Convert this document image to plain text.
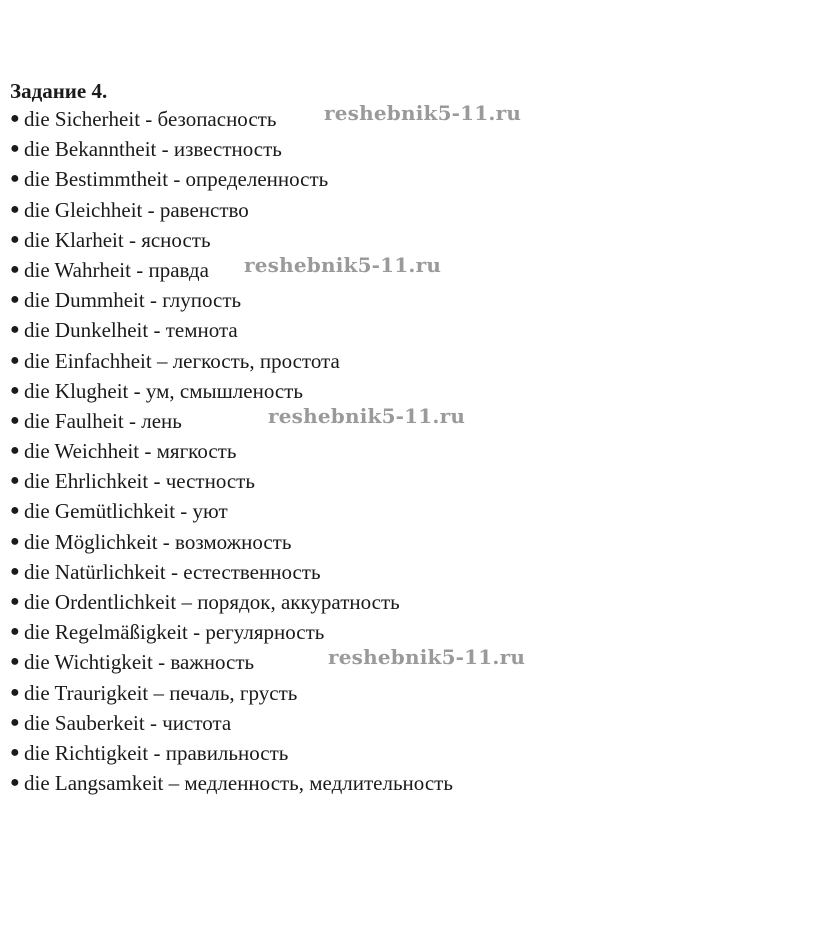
Задание 4.
● die Sicherheit - безопасность
● die Bekanntheit - известность
● die Bestimmtheit - определенность
● die Gleichheit - равенство
● die Klarheit - ясность
● die Wahrheit - правда
● die Dummheit - глупость
● die Dunkelheit - темнота
● die Einfachheit – легкость, простота
● die Klugheit - ум, смышленость
● die Faulheit - лень
● die Weichheit - мягкость
● die Ehrlichkeit - честность
● die Gemütlichkeit - уют
● die Möglichkeit - возможность
● die Natürlichkeit - естественность
● die Ordentlichkeit – порядок, аккуратность
● die Regelmäßigkeit - регулярность
● die Wichtigkeit - важность
● die Traurigkeit – печаль, грусть
● die Sauberkeit - чистота
● die Richtigkeit - правильность
● die Langsamkeit – медленность, медлительность
reshebnik5-11.ru
reshebnik5-11.ru
reshebnik5-11.ru
reshebnik5-11.ru
